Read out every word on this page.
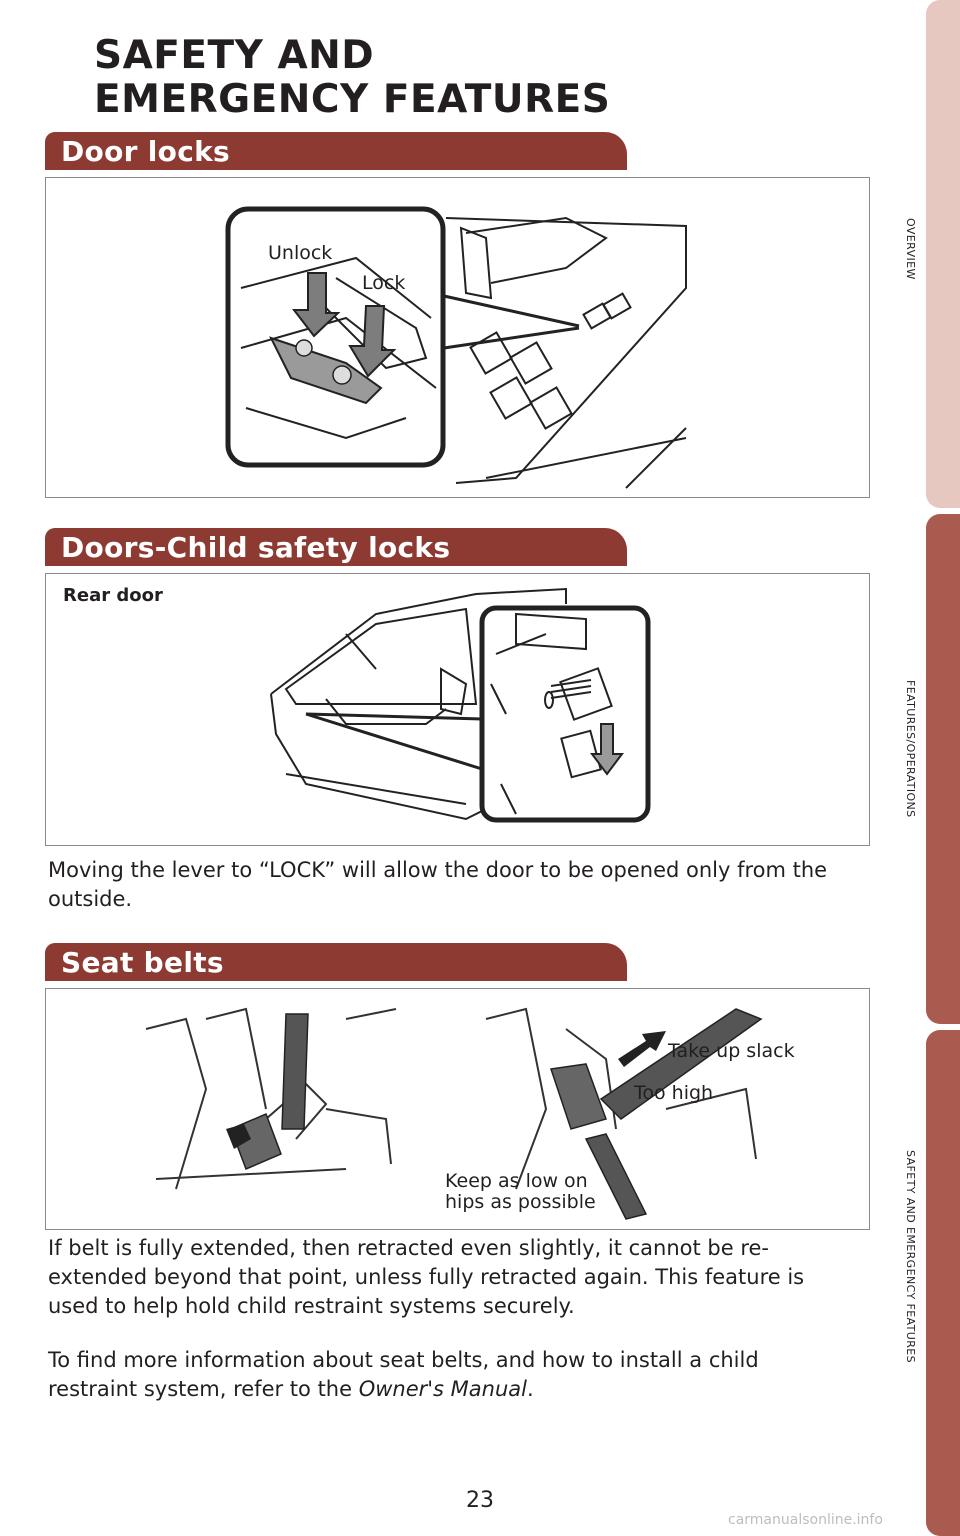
OVERVIEW
FEATURES/OPERATIONS
SAFETY AND EMERGENCY FEATURES
SAFETY AND
EMERGENCY FEATURES
Door locks
Unlock
Lock
Doors-Child safety locks
Rear door

Moving the lever to “LOCK” will allow the door to be opened only from the outside.

Seat belts
Take up slack
Too high
Keep as low on
hips as possible

If belt is fully extended, then retracted even slightly, it cannot be re-extended beyond that point, unless fully retracted again. This feature is used to help hold child restraint systems securely.

To find more information about seat belts, and how to install a child restraint system, refer to the Owner's Manual.

23
carmanualsonline.info
